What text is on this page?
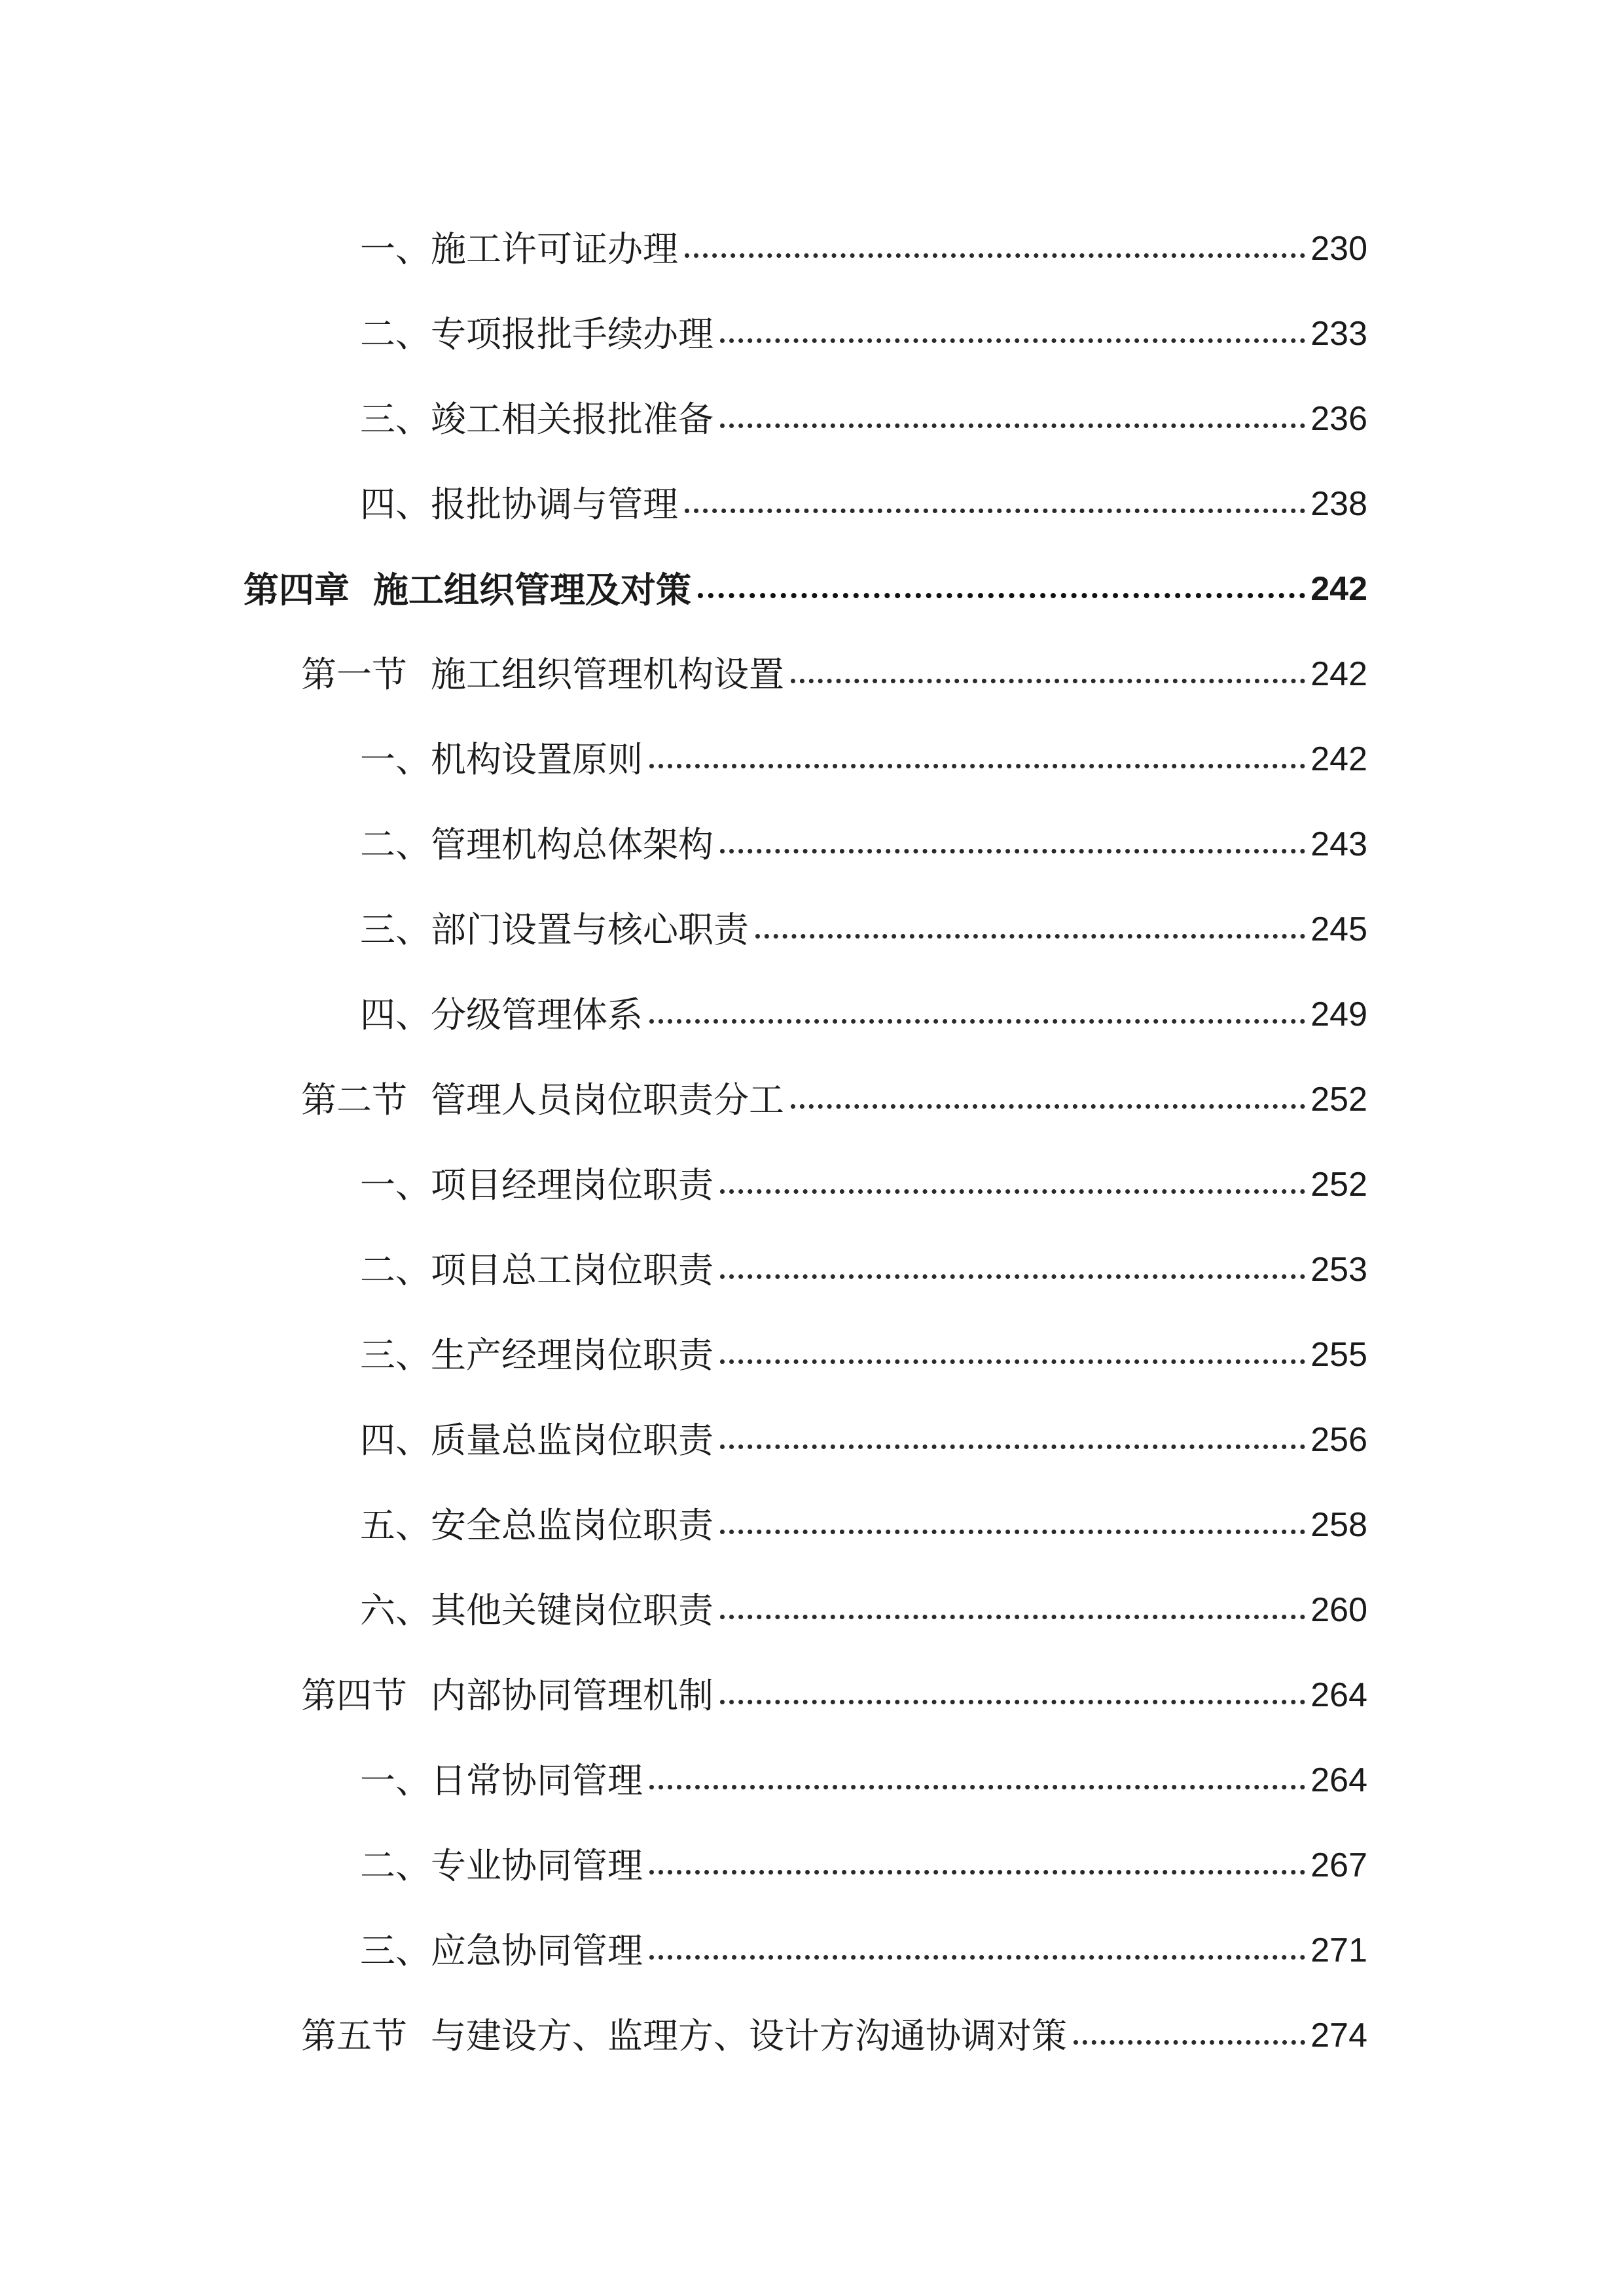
一、施工许可证办理	230
二、专项报批手续办理	233
三、竣工相关报批准备	236
四、报批协调与管理	238
第四章 施工组织管理及对策	242
第一节 施工组织管理机构设置	242
一、机构设置原则	242
二、管理机构总体架构	243
三、部门设置与核心职责	245
四、分级管理体系	249
第二节 管理人员岗位职责分工	252
一、项目经理岗位职责	252
二、项目总工岗位职责	253
三、生产经理岗位职责	255
四、质量总监岗位职责	256
五、安全总监岗位职责	258
六、其他关键岗位职责	260
第四节 内部协同管理机制	264
一、日常协同管理	264
二、专业协同管理	267
三、应急协同管理	271
第五节 与建设方、监理方、设计方沟通协调对策	274
